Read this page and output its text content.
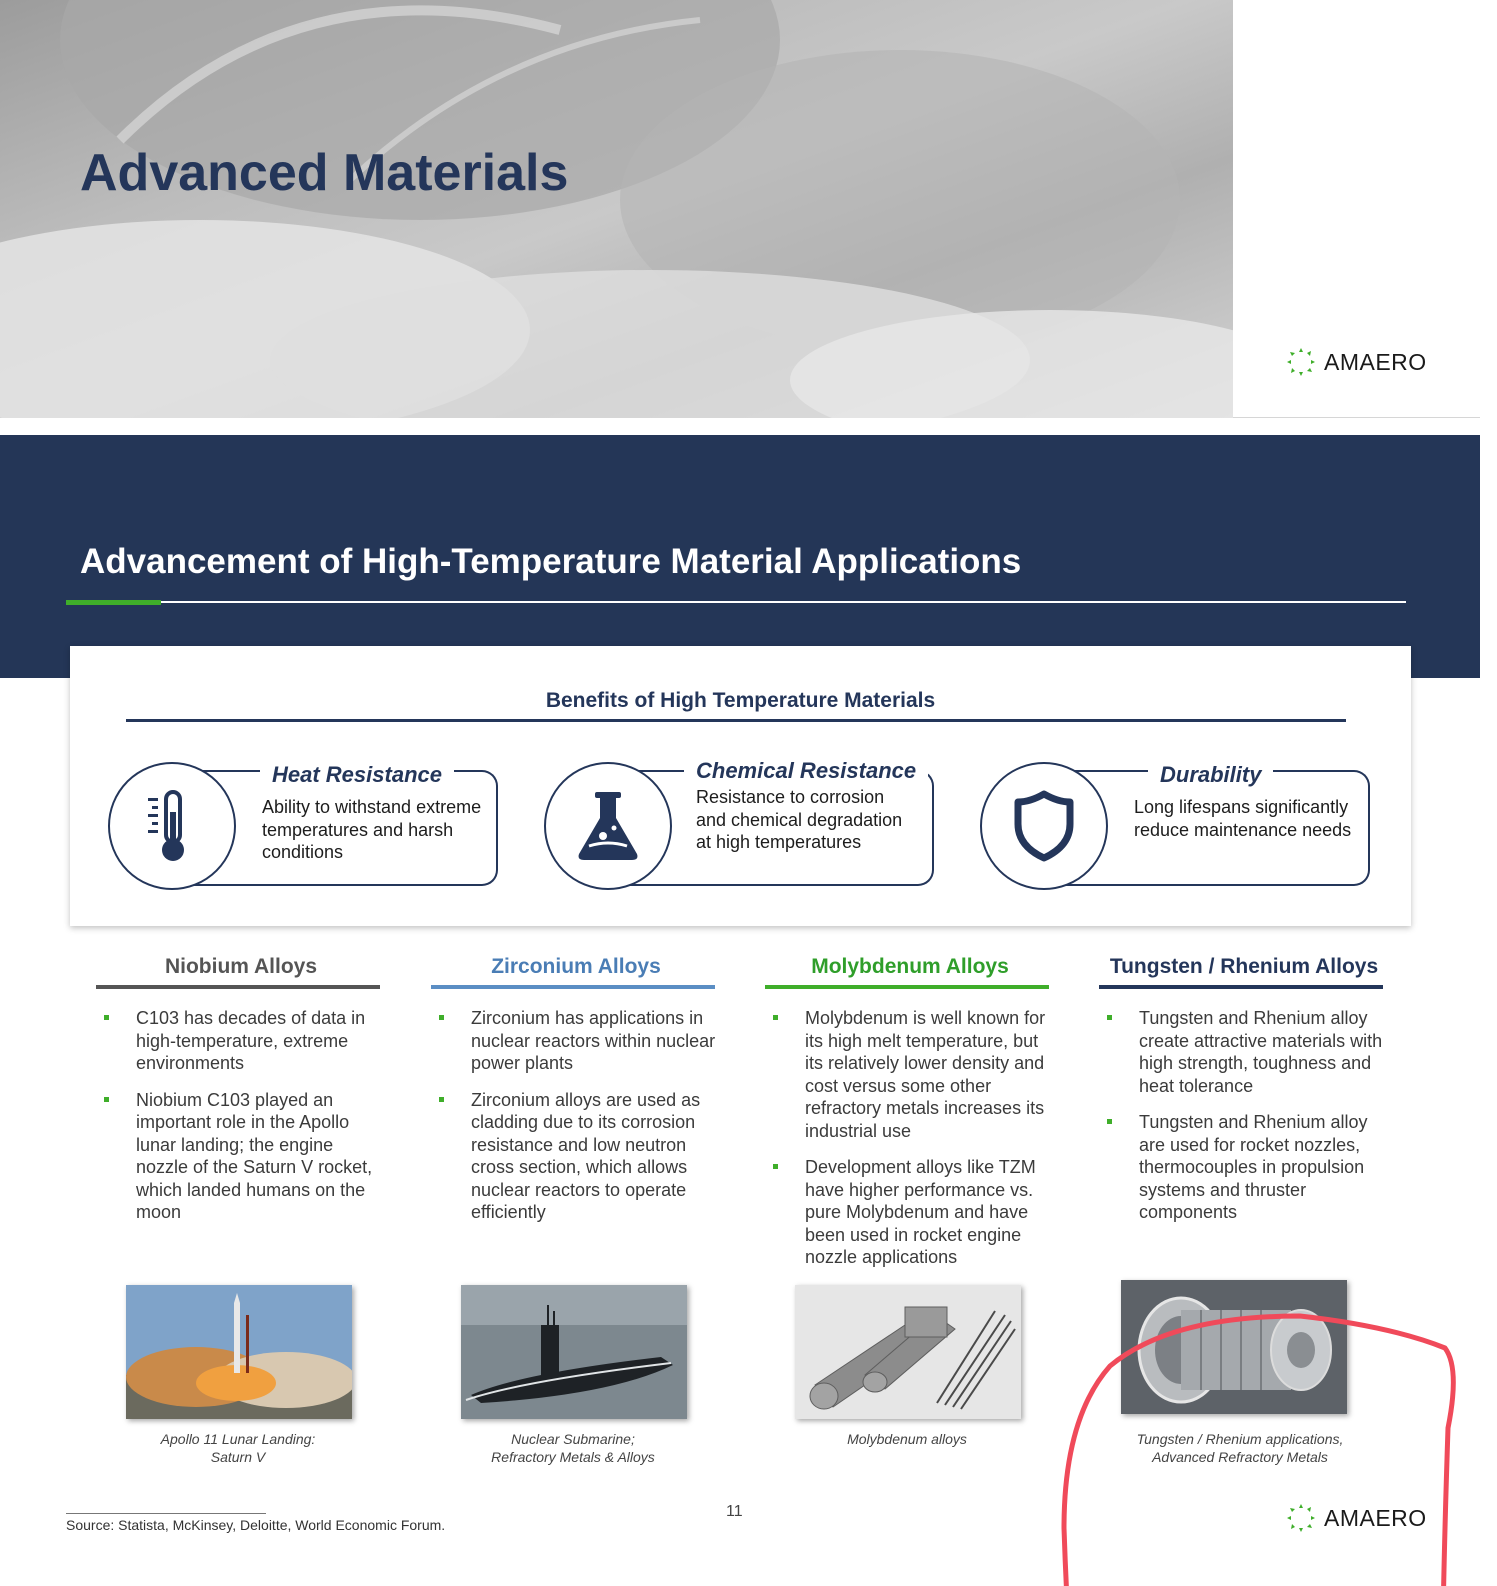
Advanced Materials
AMAERO
Advancement of High-Temperature Material Applications
Benefits of High Temperature Materials
Heat Resistance
Ability to withstand extreme temperatures and harsh conditions
Chemical Resistance
Resistance to corrosion and chemical degradation at high temperatures
Durability
Long lifespans significantly reduce maintenance needs
Niobium Alloys
C103 has decades of data in high-temperature, extreme environments
Niobium C103 played an important role in the Apollo lunar landing; the engine nozzle of the Saturn V rocket, which landed humans on the moon
Zirconium Alloys
Zirconium has applications in nuclear reactors within nuclear power plants
Zirconium alloys are used as cladding due to its corrosion resistance and low neutron cross section, which allows nuclear reactors to operate efficiently
Molybdenum Alloys
Molybdenum is well known for its high melt temperature, but its relatively lower density and cost versus some other refractory metals increases its industrial use
Development alloys like TZM have higher performance vs. pure Molybdenum and have been used in rocket engine nozzle applications
Tungsten / Rhenium Alloys
Tungsten and Rhenium alloy create attractive materials with high strength, toughness and heat tolerance
Tungsten and Rhenium alloy are used for rocket nozzles, thermocouples in propulsion systems and thruster components
Apollo 11 Lunar Landing:
Saturn V
Nuclear Submarine;
Refractory Metals & Alloys
Molybdenum alloys	Tungsten / Rhenium applications,
Advanced Refractory Metals
Source: Statista, McKinsey, Deloitte, World Economic Forum.
11	AMAERO
